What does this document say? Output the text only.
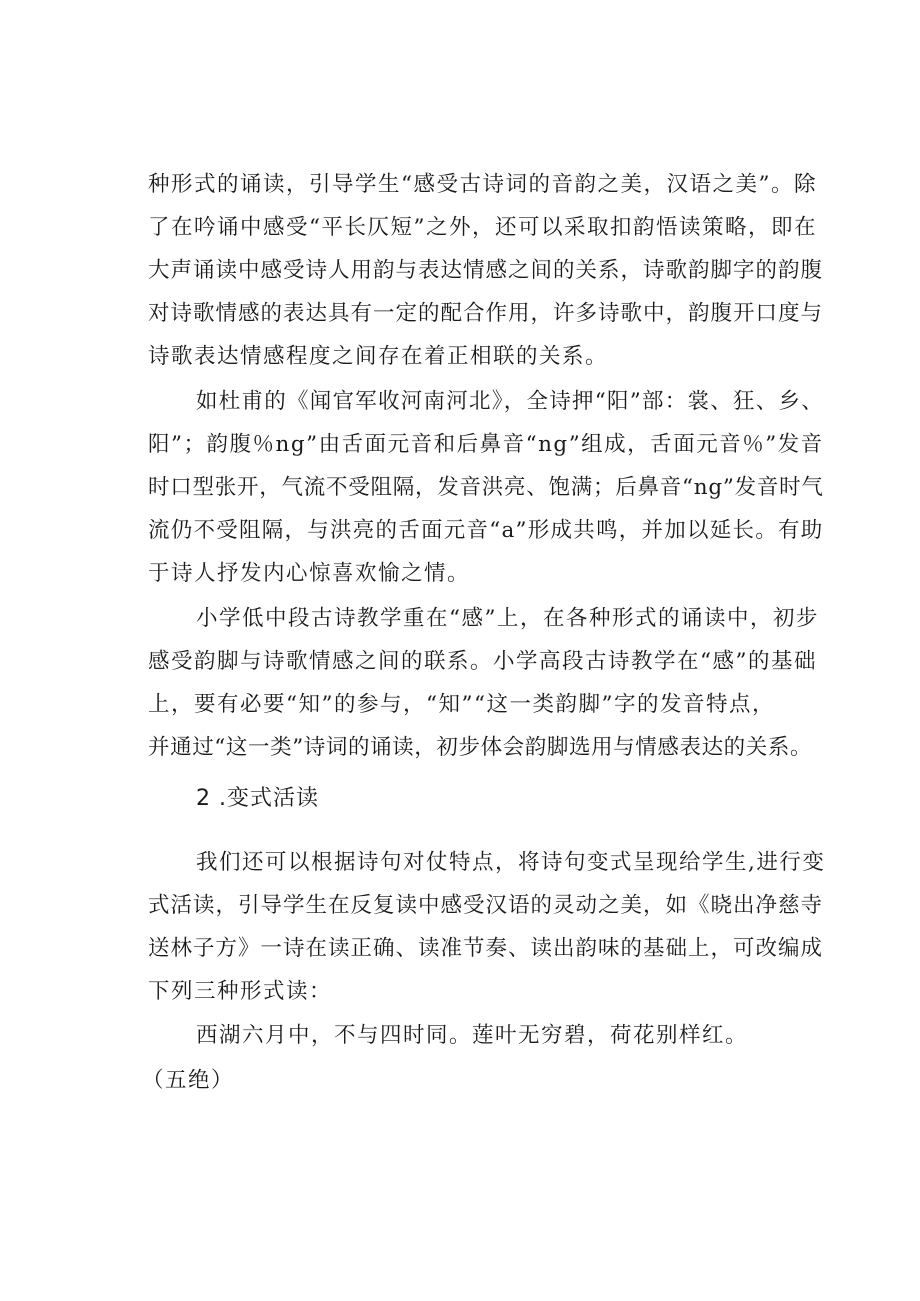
种形式的诵读，引导学生“感受古诗词的音韵之美，汉语之美”。除
了在吟诵中感受“平长仄短”之外，还可以采取扣韵悟读策略，即在
大声诵读中感受诗人用韵与表达情感之间的关系，诗歌韵脚字的韵腹
对诗歌情感的表达具有一定的配合作用，许多诗歌中，韵腹开口度与
诗歌表达情感程度之间存在着正相联的关系。
如杜甫的《闻官军收河南河北》，全诗押“阳”部：裳、狂、乡、
阳”；韵腹％ng”由舌面元音和后鼻音“ng”组成，舌面元音％”发音
时口型张开，气流不受阻隔，发音洪亮、饱满；后鼻音“ng”发音时气
流仍不受阻隔，与洪亮的舌面元音“a”形成共鸣，并加以延长。有助
于诗人抒发内心惊喜欢愉之情。
小学低中段古诗教学重在“感”上，在各种形式的诵读中，初步
感受韵脚与诗歌情感之间的联系。小学高段古诗教学在“感”的基础
上，要有必要“知”的参与，“知”“这一类韵脚”字的发音特点，
并通过“这一类”诗词的诵读，初步体会韵脚选用与情感表达的关系。
2 .变式活读
我们还可以根据诗句对仗特点，将诗句变式呈现给学生,进行变
式活读，引导学生在反复读中感受汉语的灵动之美，如《晓出净慈寺
送林子方》一诗在读正确、读准节奏、读出韵味的基础上，可改编成
下列三种形式读：
西湖六月中，不与四时同。莲叶无穷碧，荷花别样红。
（五绝）
